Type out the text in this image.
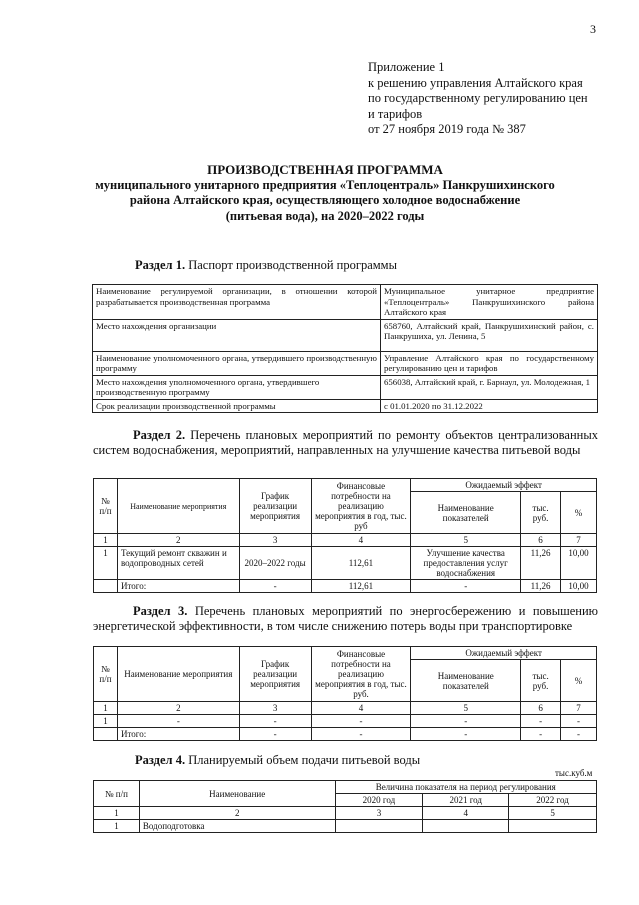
3
Приложение 1
к решению управления Алтайского края
по государственному регулированию цен
и тарифов
от 27 ноября 2019 года № 387
ПРОИЗВОДСТВЕННАЯ ПРОГРАММА
муниципального унитарного предприятия «Теплоцентраль» Панкрушихинского
района Алтайского края, осуществляющего холодное водоснабжение
(питьевая вода), на 2020–2022 годы
Раздел 1. Паспорт производственной программы
Наименование регулируемой организации, в отношении которой разрабатывается производственная программа	Муниципальное унитарное предприятие «Теплоцентраль» Панкрушихинского района Алтайского края
Место нахождения организации	658760, Алтайский край, Панкрушихинский район, с. Панкрушиха, ул. Ленина, 5
Наименование уполномоченного органа, утвердившего производственную программу	Управление Алтайского края по государственному регулированию цен и тарифов
Место нахождения уполномоченного органа, утвердившего производственную программу	656038, Алтайский край, г. Барнаул, ул. Молодежная, 1
Срок реализации производственной программы	с 01.01.2020 по 31.12.2022
Раздел 2. Перечень плановых мероприятий по ремонту объектов централизованных систем водоснабжения, мероприятий, направленных на улучшение качества питьевой воды
№ п/п	Наименование мероприятия	График реализации мероприятия	Финансовые потребности на реализацию мероприятия в год, тыс. руб	Ожидаемый эффект		
				Наименование показателей	тыс. руб.	%
1	2	3	4	5	6	7
1	Текущий ремонт скважин и водопроводных сетей	2020–2022 годы	112,61	Улучшение качества предоставления услуг водоснабжения	11,26	10,00
	Итого:	-	112,61	-	11,26	10,00
Раздел 3. Перечень плановых мероприятий по энергосбережению и повышению энергетической эффективности, в том числе снижению потерь воды при транспортировке
№ п/п	Наименование мероприятия	График реализации мероприятия	Финансовые потребности на реализацию мероприятия в год, тыс. руб.	Ожидаемый эффект		
				Наименование показателей	тыс. руб.	%
1	2	3	4	5	6	7
1	-	-	-	-	-	-
	Итого:	-	-	-	-	-
Раздел 4. Планируемый объем подачи питьевой воды
тыс.куб.м
№ п/п	Наименование	Величина показателя на период регулирования		
		2020 год	2021 год	2022 год
1	2	3	4	5
1	Водоподготовка			
